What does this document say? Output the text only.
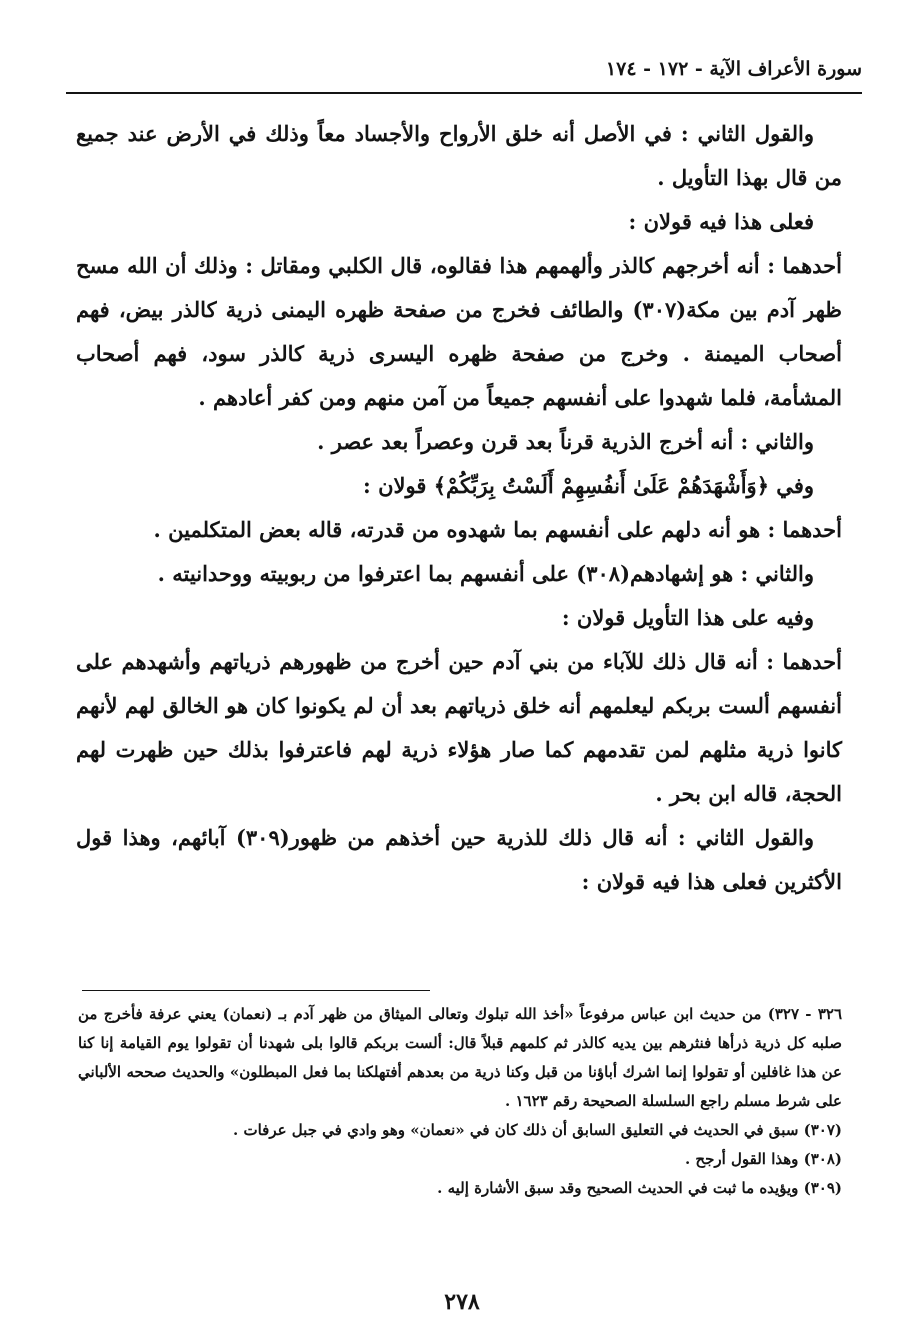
سورة الأعراف الآية - ١٧٢ - ١٧٤

والقول الثاني : في الأصل أنه خلق الأرواح والأجساد معاً وذلك في الأرض عند جميع من قال بهذا التأويل .

فعلى هذا فيه قولان :

أحدهما : أنه أخرجهم كالذر وألهمهم هذا فقالوه، قال الكلبي ومقاتل : وذلك أن الله مسح ظهر آدم بين مكة(٣٠٧) والطائف فخرج من صفحة ظهره اليمنى ذرية كالذر بيض، فهم أصحاب الميمنة . وخرج من صفحة ظهره اليسرى ذرية كالذر سود، فهم أصحاب المشأمة، فلما شهدوا على أنفسهم جميعاً من آمن منهم ومن كفر أعادهم .

والثاني : أنه أخرج الذرية قرناً بعد قرن وعصراً بعد عصر .

وفي ﴿وَأَشْهَدَهُمْ عَلَىٰ أَنفُسِهِمْ أَلَسْتُ بِرَبِّكُمْ﴾ قولان :

أحدهما : هو أنه دلهم على أنفسهم بما شهدوه من قدرته، قاله بعض المتكلمين .

والثاني : هو إشهادهم(٣٠٨) على أنفسهم بما اعترفوا من ربوبيته ووحدانيته .

وفيه على هذا التأويل قولان :

أحدهما : أنه قال ذلك للآباء من بني آدم حين أخرج من ظهورهم ذرياتهم وأشهدهم على أنفسهم ألست بربكم ليعلمهم أنه خلق ذرياتهم بعد أن لم يكونوا كان هو الخالق لهم لأنهم كانوا ذرية مثلهم لمن تقدمهم كما صار هؤلاء ذرية لهم فاعترفوا بذلك حين ظهرت لهم الحجة، قاله ابن بحر .

والقول الثاني : أنه قال ذلك للذرية حين أخذهم من ظهور(٣٠٩) آبائهم، وهذا قول الأكثرين فعلى هذا فيه قولان :

٣٢٦ - ٣٢٧) من حديث ابن عباس مرفوعاً «أخذ الله تبلوك وتعالى الميثاق من ظهر آدم بـ (نعمان) يعني عرفة فأخرج من صلبه كل ذرية ذرأها فنثرهم بين يديه كالذر ثم كلمهم قبلاً قال: ألست بربكم قالوا بلى شهدنا أن تقولوا يوم القيامة إنا كنا عن هذا غافلين أو تقولوا إنما اشرك أباؤنا من قبل وكنا ذرية من بعدهم أفتهلكنا بما فعل المبطلون» والحديث صححه الألباني على شرط مسلم راجع السلسلة الصحيحة رقم ١٦٢٣ .

(٣٠٧) سبق في الحديث في التعليق السابق أن ذلك كان في «نعمان» وهو وادي في جبل عرفات .

(٣٠٨) وهذا القول أرجح .

(٣٠٩) ويؤيده ما ثبت في الحديث الصحيح وقد سبق الأشارة إليه .

٢٧٨
